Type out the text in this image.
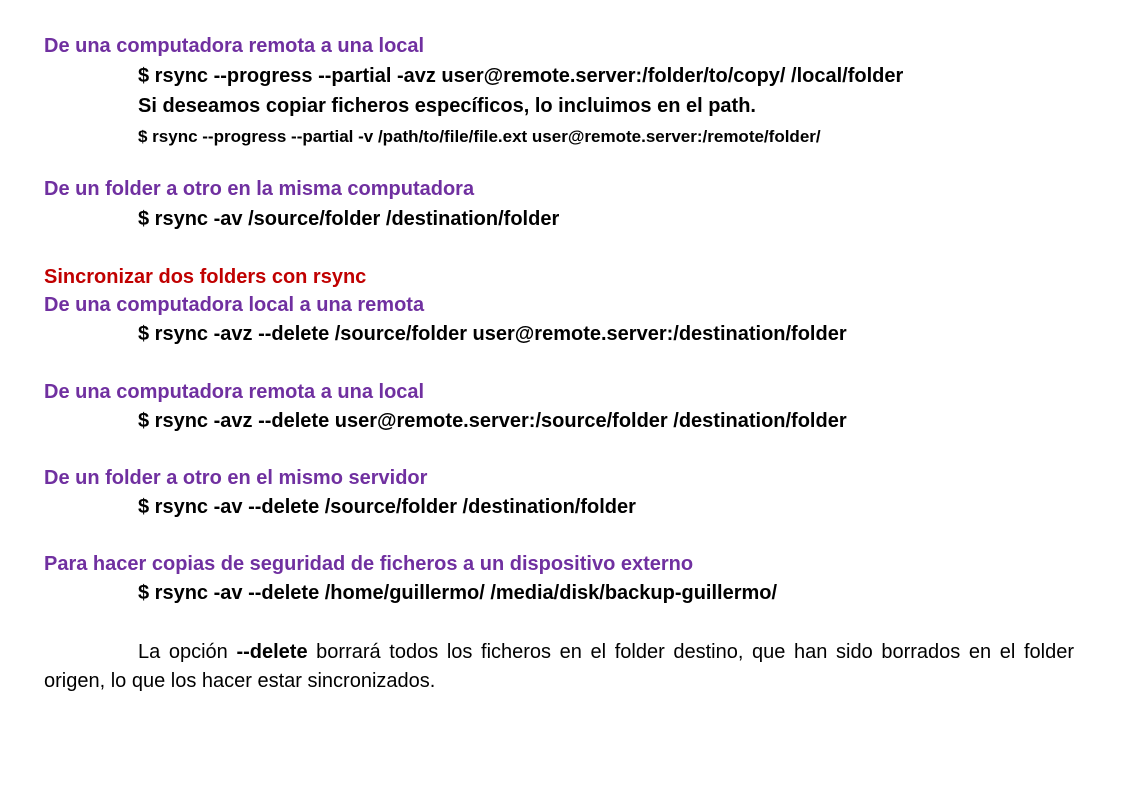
De una computadora remota a una local
$ rsync --progress --partial -avz user@remote.server:/folder/to/copy/ /local/folder
Si deseamos copiar ficheros específicos, lo incluimos en el path.
$ rsync --progress --partial -v /path/to/file/file.ext user@remote.server:/remote/folder/
De un folder a otro en la misma computadora
$ rsync -av /source/folder /destination/folder
Sincronizar dos folders con rsync
De una computadora local a una remota
$ rsync -avz --delete /source/folder user@remote.server:/destination/folder
De una computadora remota a una local
$ rsync -avz --delete user@remote.server:/source/folder /destination/folder
De un folder a otro en el mismo servidor
$ rsync -av --delete /source/folder /destination/folder
Para hacer copias de seguridad de ficheros a un dispositivo externo
$ rsync -av --delete /home/guillermo/ /media/disk/backup-guillermo/
La opción --delete borrará todos los ficheros en el folder destino, que han sido borrados en el folder origen, lo que los hacer estar sincronizados.
